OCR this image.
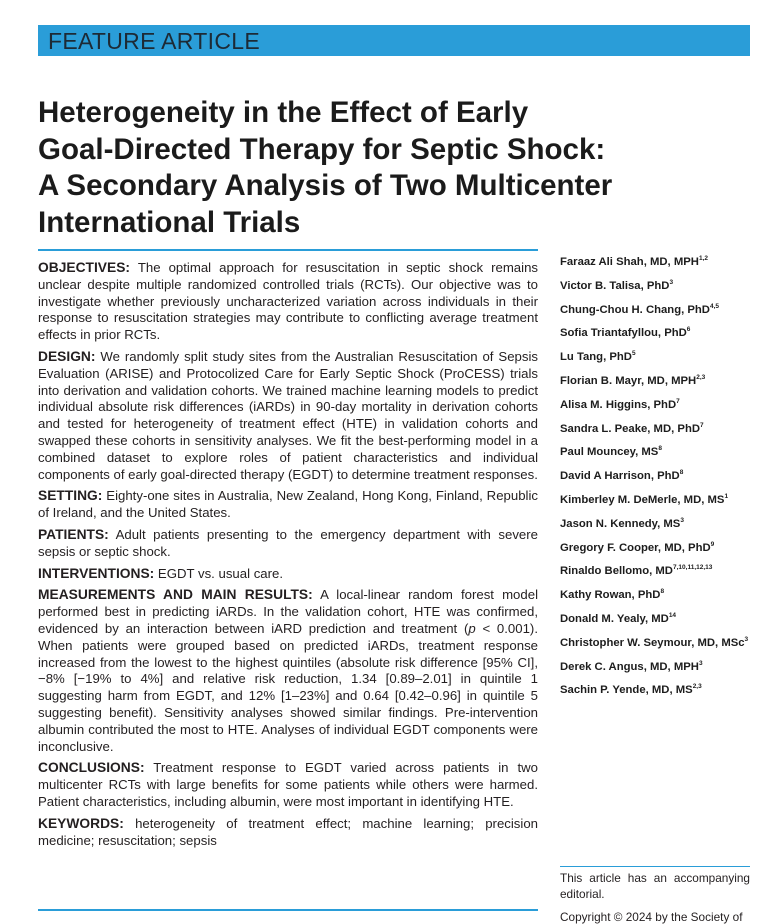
FEATURE ARTICLE
Heterogeneity in the Effect of Early
Goal-Directed Therapy for Septic Shock:
A Secondary Analysis of Two Multicenter
International Trials

OBJECTIVES: The optimal approach for resuscitation in septic shock remains unclear despite multiple randomized controlled trials (RCTs). Our objective was to investigate whether previously uncharacterized variation across individuals in their response to resuscitation strategies may contribute to conflicting average treatment effects in prior RCTs.

DESIGN: We randomly split study sites from the Australian Resuscitation of Sepsis Evaluation (ARISE) and Protocolized Care for Early Septic Shock (ProCESS) trials into derivation and validation cohorts. We trained machine learning models to predict individual absolute risk differences (iARDs) in 90-day mortality in derivation cohorts and tested for heterogeneity of treatment effect (HTE) in validation cohorts and swapped these cohorts in sensitivity analyses. We fit the best-performing model in a combined dataset to explore roles of patient characteristics and individual components of early goal-directed therapy (EGDT) to determine treatment responses.

SETTING: Eighty-one sites in Australia, New Zealand, Hong Kong, Finland, Republic of Ireland, and the United States.

PATIENTS: Adult patients presenting to the emergency department with severe sepsis or septic shock.

INTERVENTIONS: EGDT vs. usual care.

MEASUREMENTS AND MAIN RESULTS: A local-linear random forest model performed best in predicting iARDs. In the validation cohort, HTE was confirmed, evidenced by an interaction between iARD prediction and treatment (p < 0.001). When patients were grouped based on predicted iARDs, treatment response increased from the lowest to the highest quintiles (absolute risk difference [95% CI], −8% [−19% to 4%] and relative risk reduction, 1.34 [0.89–2.01] in quintile 1 suggesting harm from EGDT, and 12% [1–23%] and 0.64 [0.42–0.96] in quintile 5 suggesting benefit). Sensitivity analyses showed similar findings. Pre-intervention albumin contributed the most to HTE. Analyses of individual EGDT components were inconclusive.

CONCLUSIONS: Treatment response to EGDT varied across patients in two multicenter RCTs with large benefits for some patients while others were harmed. Patient characteristics, including albumin, were most important in identifying HTE.

KEYWORDS: heterogeneity of treatment effect; machine learning; precision medicine; resuscitation; sepsis

Faraaz Ali Shah, MD, MPH$^{1,2}$
Victor B. Talisa, PhD$^3$
Chung-Chou H. Chang, PhD$^{4,5}$
Sofia Triantafyllou, PhD$^6$
Lu Tang, PhD$^5$
Florian B. Mayr, MD, MPH$^{2,3}$
Alisa M. Higgins, PhD$^7$
Sandra L. Peake, MD, PhD$^7$
Paul Mouncey, $MS^8$
David A Harrison, PhD$^8$
Kimberley M. DeMerle, MD, $MS^1$
Jason N. Kennedy, $MS^3$
Gregory F. Cooper, MD, PhD$^9$
Rinaldo Bellomo, MD$^{7,10,11,12,13}$
Kathy Rowan, PhD$^8$
Donald M. Yealy, MD$^{14}$
Christopher W. Seymour, MD, MSc$^3$
Derek C. Angus, MD, MPH$^3$
Sachin P. Yende, MD, MS$^{2,3}$
This article has an accompanying editorial.
Copyright © 2024 by the Society of
